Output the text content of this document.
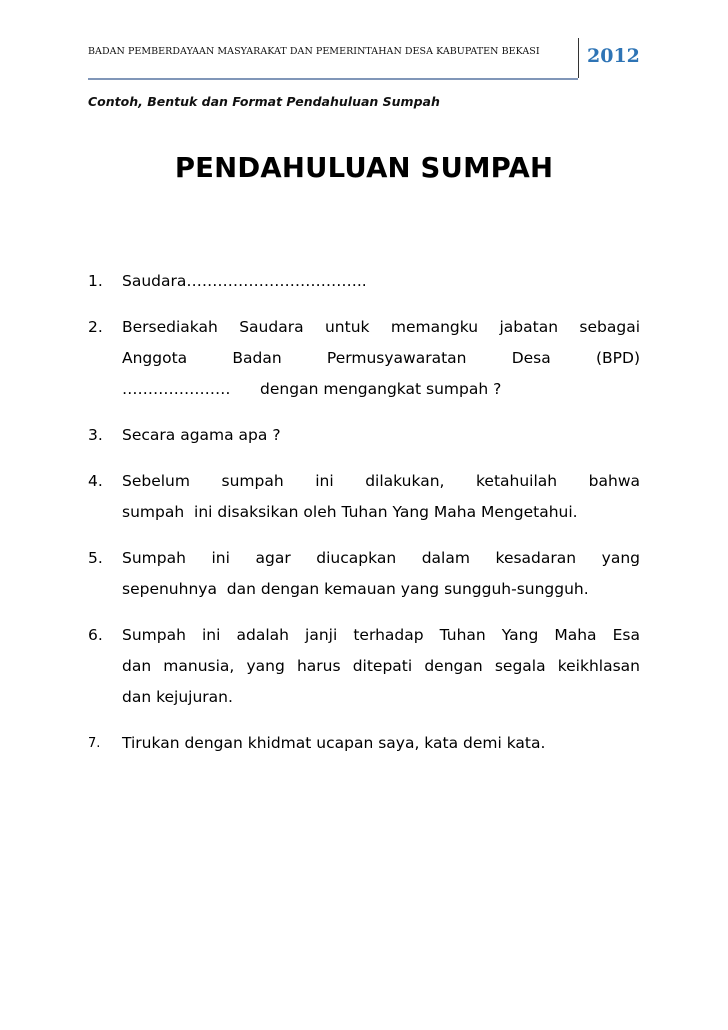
BADAN PEMBERDAYAAN MASYARAKAT DAN PEMERINTAHAN DESA KABUPATEN BEKASI 2012
Contoh, Bentuk dan Format Pendahuluan Sumpah
PENDAHULUAN SUMPAH
1.	Saudara……………………………..
2.	Bersediakah Saudara untuk memangku jabatan sebagai
Anggota Badan Permusyawaratan Desa (BPD)
…………………      dengan mengangkat sumpah ?
3.	Secara agama apa ?
4.	Sebelum sumpah ini dilakukan, ketahuilah bahwa
sumpah  ini disaksikan oleh Tuhan Yang Maha Mengetahui.
5.	Sumpah ini agar diucapkan dalam kesadaran yang
sepenuhnya  dan dengan kemauan yang sungguh-sungguh.
6.	Sumpah ini adalah janji terhadap Tuhan Yang Maha Esa
dan manusia, yang harus ditepati dengan segala keikhlasan
dan kejujuran.
7.	Tirukan dengan khidmat ucapan saya, kata demi kata.
